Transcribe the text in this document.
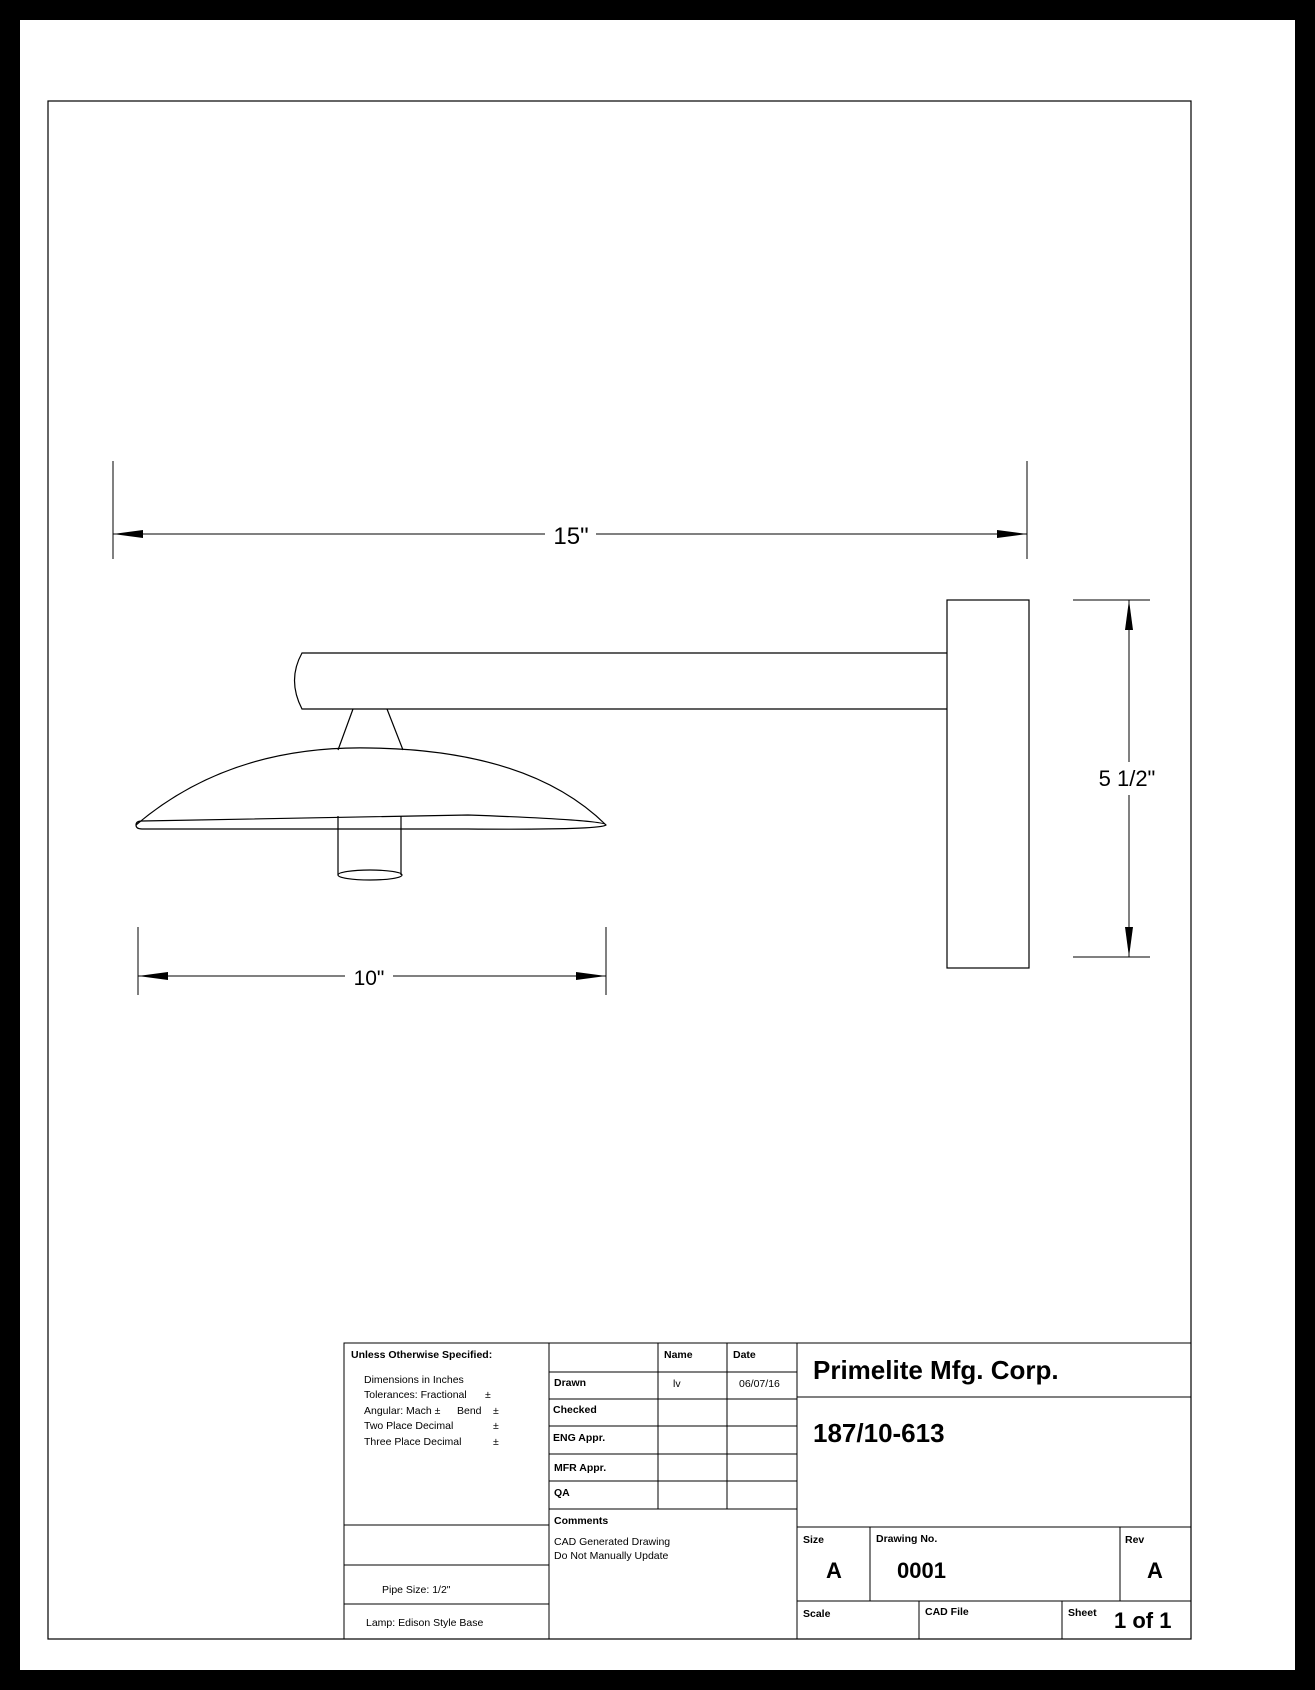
15"
5 1/2"
10"
Unless Otherwise Specified:
Dimensions in Inches
Tolerances: Fractional ±
Angular: Mach ± Bend ±
Two Place Decimal	±
Three Place Decimal	±
Pipe Size: 1/2"
Lamp: Edison Style Base
Name	Date
Drawn	lv	06/07/16
Checked
ENG Appr.
MFR Appr.
QA
Comments
CAD Generated Drawing
Do Not Manually Update
Primelite Mfg. Corp.
187/10-613
Size
A
Drawing No.
0001
Rev
A
Scale	CAD File	Sheet 1 of 1
